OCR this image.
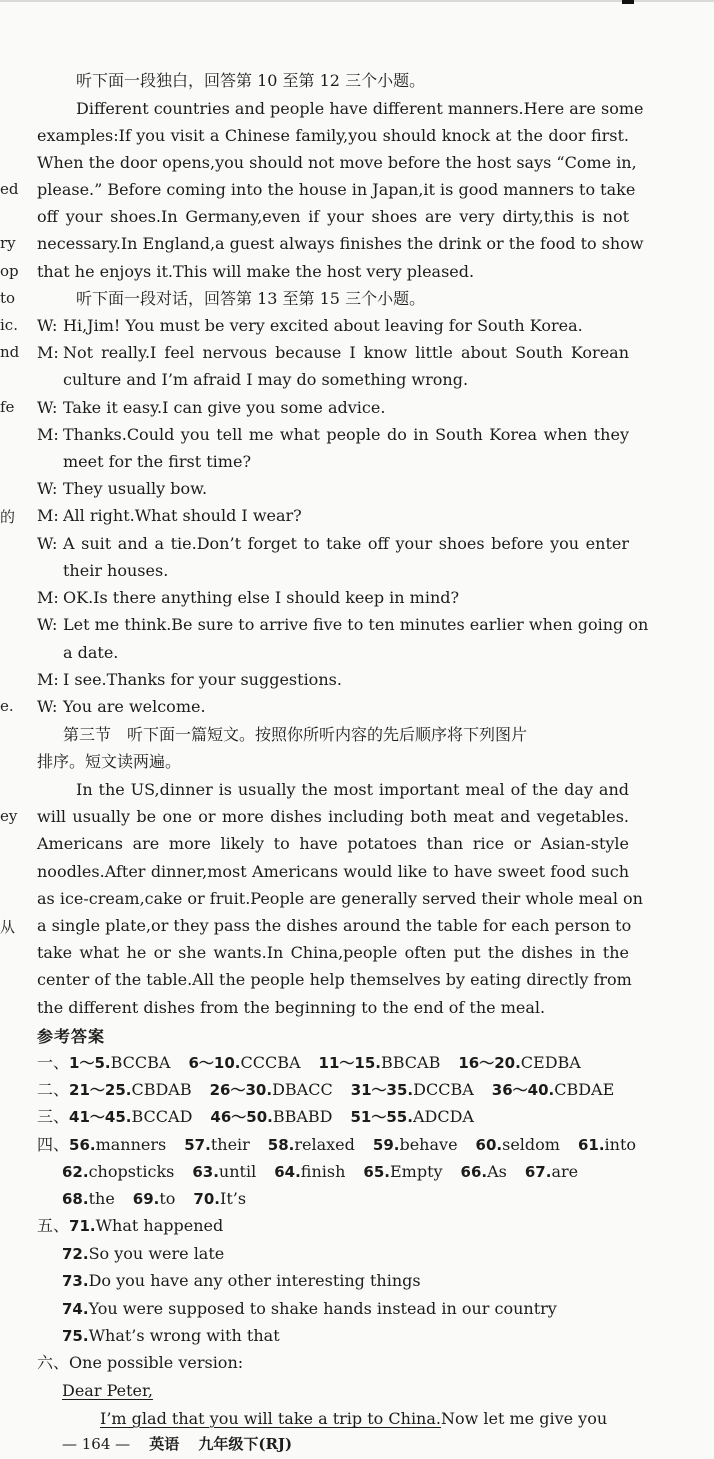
ed
ry
op
to
ic.
nd
fe
的
e.
ey
从
听下面一段独白，回答第 10 至第 12 三个小题。
Different countries and people have different manners.Here are some
examples:If you visit a Chinese family,you should knock at the door first.
When the door opens,you should not move before the host says “Come in,
please.” Before coming into the house in Japan,it is good manners to take
off your shoes.In Germany,even if your shoes are very dirty,this is not
necessary.In England,a guest always finishes the drink or the food to show
that he enjoys it.This will make the host very pleased.
听下面一段对话，回答第 13 至第 15 三个小题。
W: Hi,Jim! You must be very excited about leaving for South Korea.
M: Not really.I feel nervous because I know little about South Korean
culture and I’m afraid I may do something wrong.
W: Take it easy.I can give you some advice.
M: Thanks.Could you tell me what people do in South Korea when they
meet for the first time?
W: They usually bow.
M: All right.What should I wear?
W: A suit and a tie.Don’t forget to take off your shoes before you enter
their houses.
M: OK.Is there anything else I should keep in mind?
W: Let me think.Be sure to arrive five to ten minutes earlier when going on
a date.
M: I see.Thanks for your suggestions.
W: You are welcome.
第三节　听下面一篇短文。按照你所听内容的先后顺序将下列图片
排序。短文读两遍。
In the US,dinner is usually the most important meal of the day and
will usually be one or more dishes including both meat and vegetables.
Americans are more likely to have potatoes than rice or Asian-style
noodles.After dinner,most Americans would like to have sweet food such
as ice-cream,cake or fruit.People are generally served their whole meal on
a single plate,or they pass the dishes around the table for each person to
take what he or she wants.In China,people often put the dishes in the
center of the table.All the people help themselves by eating directly from
the different dishes from the beginning to the end of the meal.
参考答案
一、1～5.BCCBA 6～10.CCCBA 11～15.BBCAB 16～20.CEDBA
二、21～25.CBDAB 26～30.DBACC 31～35.DCCBA 36～40.CBDAE
三、41～45.BCCAD 46～50.BBABD 51～55.ADCDA
四、56.manners 57.their 58.relaxed 59.behave 60.seldom 61.into
62.chopsticks 63.until 64.finish 65.Empty 66.As 67.are
68.the 69.to 70.It’s
五、71.What happened
72.So you were late
73.Do you have any other interesting things
74.You were supposed to shake hands instead in our country
75.What’s wrong with that
六、One possible version:
Dear Peter,
I’m glad that you will take a trip to China.Now let me give you
— 164 — 英语 九年级下(RJ)
